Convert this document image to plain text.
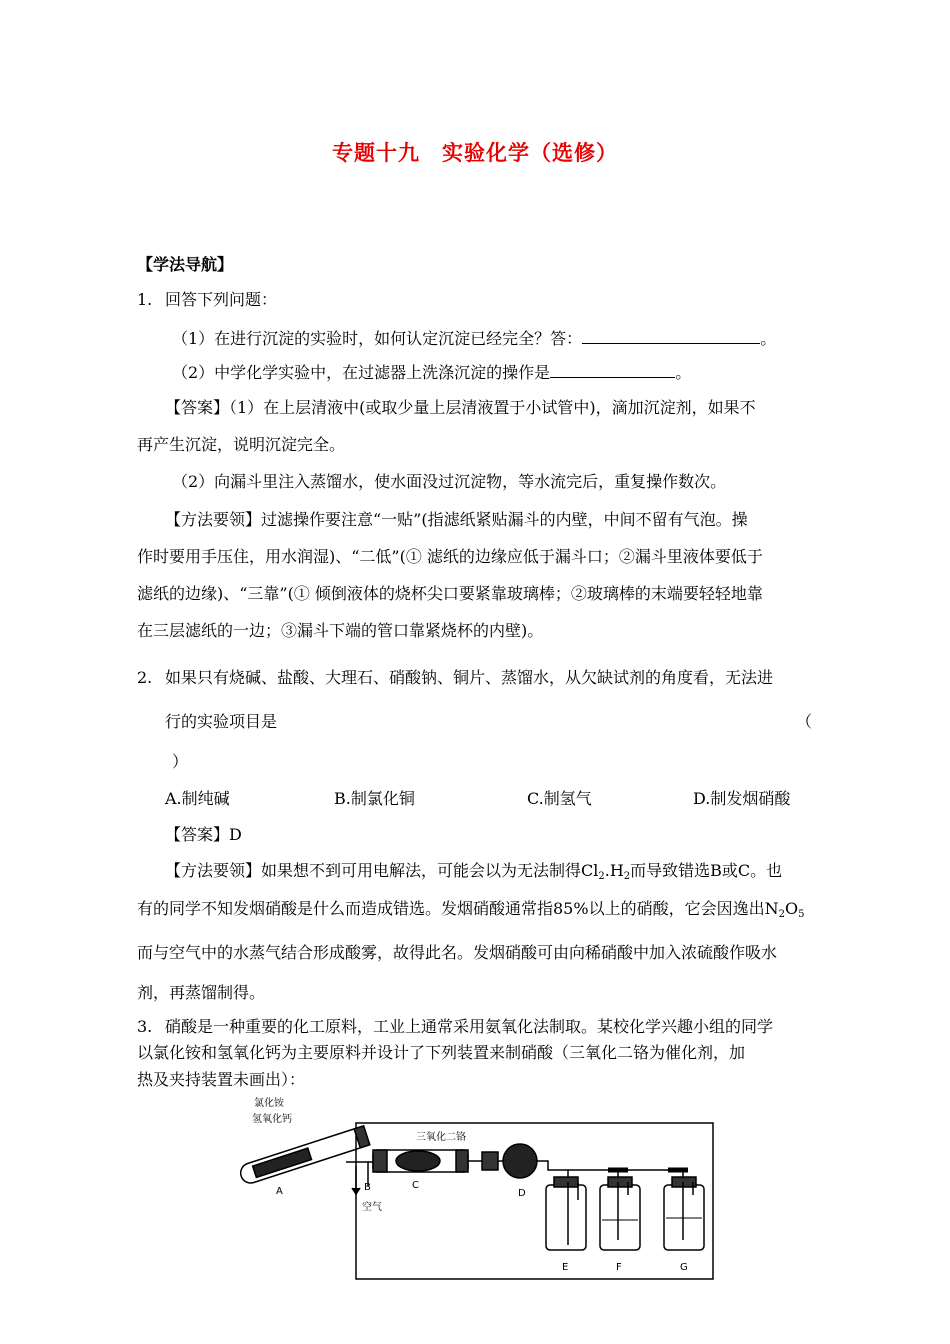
专题十九　实验化学（选修）
【学法导航】
1. 回答下列问题：
（1）在进行沉淀的实验时，如何认定沉淀已经完全？答：	。
（2）中学化学实验中，在过滤器上洗涤沉淀的操作是	。
【答案】（1）在上层清液中(或取少量上层清液置于小试管中)，滴加沉淀剂，如果不
再产生沉淀，说明沉淀完全。
（2）向漏斗里注入蒸馏水，使水面没过沉淀物，等水流完后，重复操作数次。
【方法要领】过滤操作要注意“一贴”(指滤纸紧贴漏斗的内壁，中间不留有气泡。操
作时要用手压住，用水润湿)、“二低”(① 滤纸的边缘应低于漏斗口；②漏斗里液体要低于
滤纸的边缘)、“三靠”(① 倾倒液体的烧杯尖口要紧靠玻璃棒；②玻璃棒的末端要轻轻地靠
在三层滤纸的一边；③漏斗下端的管口靠紧烧杯的内壁)。
2. 如果只有烧碱、盐酸、大理石、硝酸钠、铜片、蒸馏水，从欠缺试剂的角度看，无法进
行的实验项目是	（
）
A.制纯碱	B.制氯化铜	C.制氢气	D.制发烟硝酸
【答案】D
【方法要领】如果想不到可用电解法，可能会以为无法制得$Cl_2.H_2$而导致错选B或C。也
有的同学不知发烟硝酸是什么而造成错选。发烟硝酸通常指85%以上的硝酸，它会因逸出$N_2O_5$
而与空气中的水蒸气结合形成酸雾，故得此名。发烟硝酸可由向稀硝酸中加入浓硫酸作吸水
剂，再蒸馏制得。
3. 硝酸是一种重要的化工原料，工业上通常采用氨氧化法制取。某校化学兴趣小组的同学
以氯化铵和氢氧化钙为主要原料并设计了下列装置来制硝酸（三氧化二铬为催化剂，加
热及夹持装置未画出）：
氯化铵
氢氧化钙
三氧化二铬
空气
A	B	C
D
E	F	G
